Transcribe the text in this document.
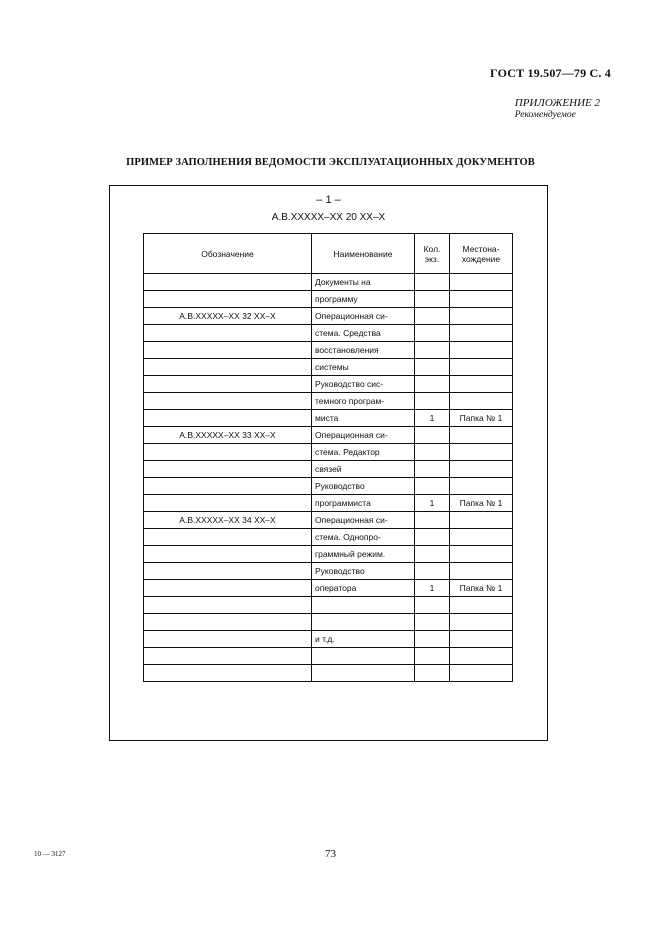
ГОСТ 19.507—79 С. 4
ПРИЛОЖЕНИЕ 2
Рекомендуемое
ПРИМЕР ЗАПОЛНЕНИЯ ВЕДОМОСТИ ЭКСПЛУАТАЦИОННЫХ ДОКУМЕНТОВ
– 1 –
А.В.ХХХХХ–ХХ 20 ХХ–Х
Обозначение	Наименование	Кол. экз.	Местона-хождение
	Документы на		
	программу		
А.В.ХХХХХ–ХХ 32 ХХ–Х	Операционная си-		
	стема. Средства		
	восстановления		
	системы		
	Руководство сис-		
	темного програм-		
	миста	1	Папка № 1
А.В.ХХХХХ–ХХ 33 ХХ–Х	Операционная си-		
	стема. Редактор		
	связей		
	Руководство		
	программиста	1	Папка № 1
А.В.ХХХХХ–ХХ 34 ХХ–Х	Операционная си-		
	стема. Однопро-		
	граммный режим.		
	Руководство		
	оператора	1	Папка № 1

	и т.д.		

10 — 3127	73
